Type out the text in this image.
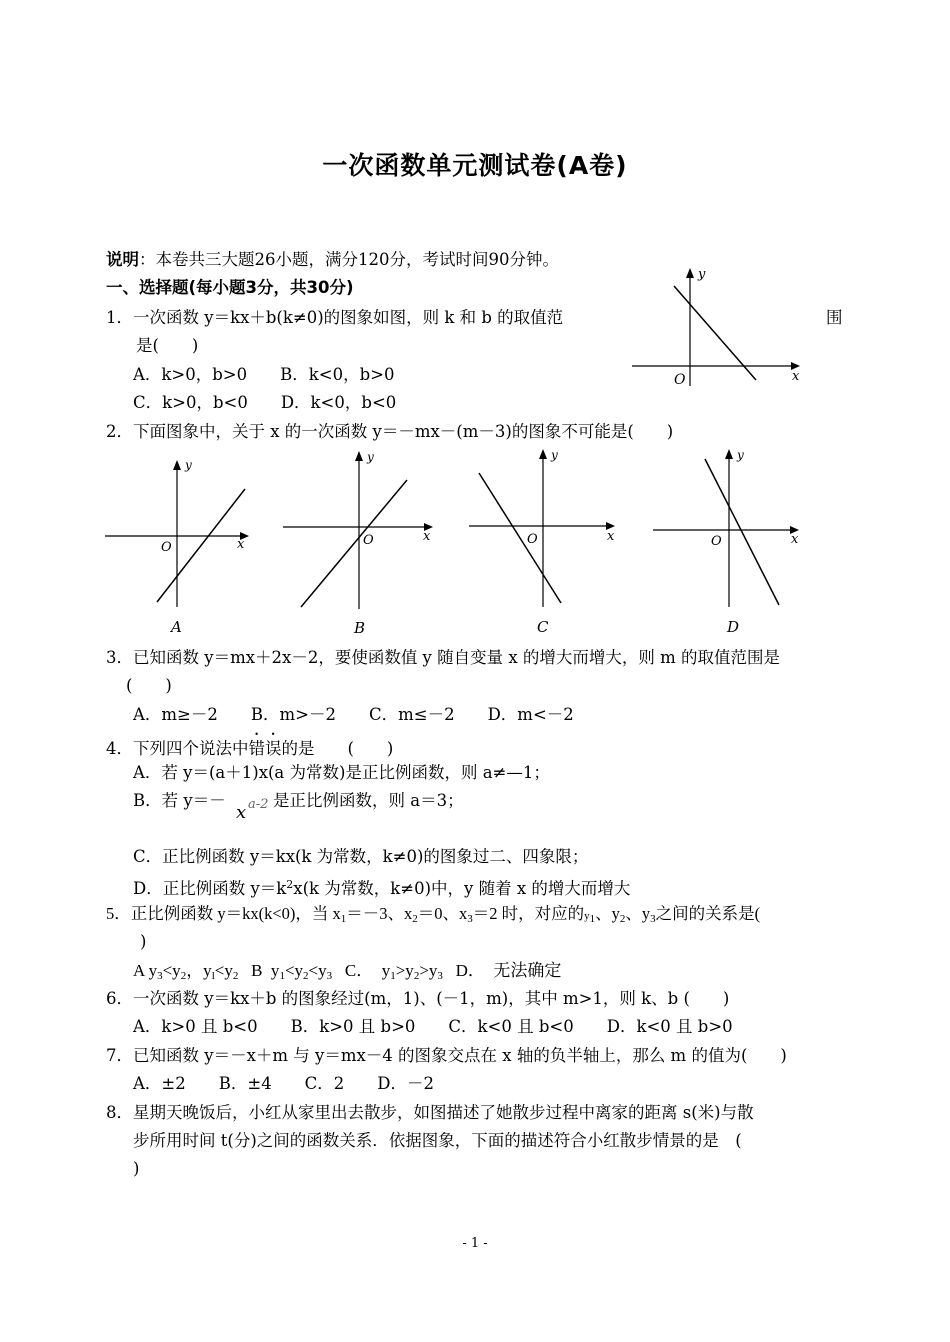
一次函数单元测试卷(A卷)
说明：本卷共三大题26小题，满分120分，考试时间90分钟。
一、选择题(每小题3分，共30分)
1．一次函数 y＝kx＋b(k≠0)的图象如图，则 k 和 b 的取值范	围
是(　　)
A．k>0，b>0　　B．k<0，b>0
C．k>0，b<0　　D．k<0，b<0
y
x
O
2．下面图象中，关于 x 的一次函数 y＝－mx－(m－3)的图象不可能是(　　)
y
x
O
A
y
x
O
B
y
x
O
C
y
x
O
D
3．已知函数 y＝mx＋2x－2，要使函数值 y 随自变量 x 的增大而增大，则 m 的取值范围是
(　　)
A．m≥－2　　B．m>－2　　C．m≤－2　　D．m<－2
4．下列四个说法中错误的是　　(　　)
A．若 y＝(a＋1)x(a 为常数)是正比例函数，则 a≠—1；
B．若 y＝－
x a-2 是正比例函数，则 a＝3；
C．正比例函数 y＝kx(k 为常数，k≠0)的图象过二、四象限；
D．正比例函数 $y=k^2x(k$ 为常数，k≠0)中，y 随着 x 的增大而增大
5．正比例函数 y＝kx(k<0)，当 $x_1=-3$、$x_2=0$、$x_3=2$ 时，对应的$y_1$、$y_2$、$y_3$之间的关系是(
)
A $y_3<y_2$，$y_l<y_2$   B  $y_1<y_2<y_3$   C．  $y_1>y_2>y_3$   D．  无法确定
6．一次函数 y＝kx＋b 的图象经过(m，1)、(－1，m)，其中 m>1，则 k、b (　　)
A．k>0 且 b<0　　B．k>0 且 b>0　　C．k<0 且 b<0　　D．k<0 且 b>0
7．已知函数 y＝－x＋m 与 y＝mx－4 的图象交点在 x 轴的负半轴上，那么 m 的值为(　　)
A．±2　　B．±4　　C．2　　D．－2
8．星期天晚饭后，小红从家里出去散步，如图描述了她散步过程中离家的距离 s(米)与散
步所用时间 t(分)之间的函数关系．依据图象，下面的描述符合小红散步情景的是　(
)
- 1 -
